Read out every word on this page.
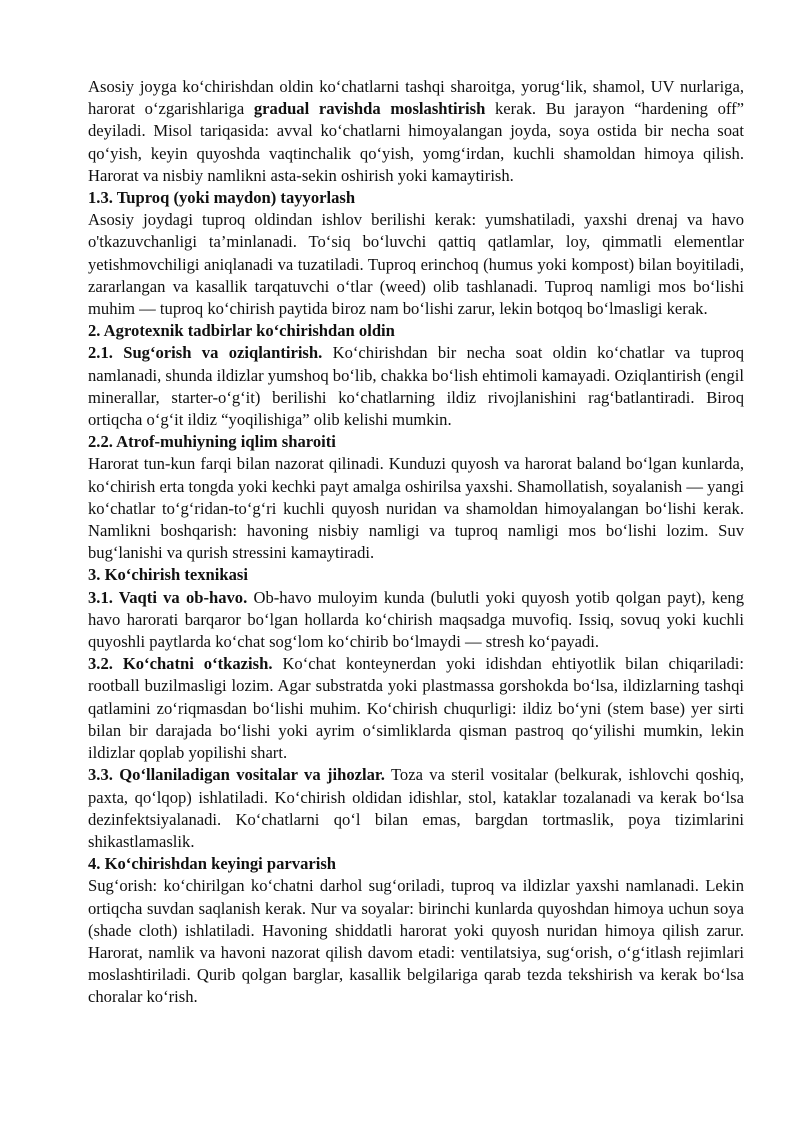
Asosiy joyga ko‘chirishdan oldin ko‘chatlarni tashqi sharoitga, yorug‘lik, shamol, UV nurlariga, harorat o‘zgarishlariga gradual ravishda moslashtirish kerak. Bu jarayon “hardening off” deyiladi. Misol tariqasida: avval ko‘chatlarni himoyalangan joyda, soya ostida bir necha soat qo‘yish, keyin quyoshda vaqtinchalik qo‘yish, yomg‘irdan, kuchli shamoldan himoya qilish. Harorat va nisbiy namlikni asta-sekin oshirish yoki kamaytirish.

1.3. Tuproq (yoki maydon) tayyorlash

Asosiy joydagi tuproq oldindan ishlov berilishi kerak: yumshatiladi, yaxshi drenaj va havo o'tkazuvchanligi ta’minlanadi. To‘siq bo‘luvchi qattiq qatlamlar, loy, qimmatli elementlar yetishmovchiligi aniqlanadi va tuzatiladi. Tuproq erinchoq (humus yoki kompost) bilan boyitiladi, zararlangan va kasallik tarqatuvchi o‘tlar (weed) olib tashlanadi. Tuproq namligi mos bo‘lishi muhim — tuproq ko‘chirish paytida biroz nam bo‘lishi zarur, lekin botqoq bo‘lmasligi kerak.

2. Agrotexnik tadbirlar ko‘chirishdan oldin

2.1. Sug‘orish va oziqlantirish. Ko‘chirishdan bir necha soat oldin ko‘chatlar va tuproq namlanadi, shunda ildizlar yumshoq bo‘lib, chakka bo‘lish ehtimoli kamayadi. Oziqlantirish (engil minerallar, starter-o‘g‘it) berilishi ko‘chatlarning ildiz rivojlanishini rag‘batlantiradi. Biroq ortiqcha o‘g‘it ildiz “yoqilishiga” olib kelishi mumkin.

2.2. Atrof-muhiyning iqlim sharoiti

Harorat tun-kun farqi bilan nazorat qilinadi. Kunduzi quyosh va harorat baland bo‘lgan kunlarda, ko‘chirish erta tongda yoki kechki payt amalga oshirilsa yaxshi. Shamollatish, soyalanish — yangi ko‘chatlar to‘g‘ridan-to‘g‘ri kuchli quyosh nuridan va shamoldan himoyalangan bo‘lishi kerak. Namlikni boshqarish: havoning nisbiy namligi va tuproq namligi mos bo‘lishi lozim. Suv bug‘lanishi va qurish stressini kamaytiradi.

3. Ko‘chirish texnikasi

3.1. Vaqti va ob-havo. Ob-havo muloyim kunda (bulutli yoki quyosh yotib qolgan payt), keng havo harorati barqaror bo‘lgan hollarda ko‘chirish maqsadga muvofiq. Issiq, sovuq yoki kuchli quyoshli paytlarda ko‘chat sog‘lom ko‘chirib bo‘lmaydi — stresh ko‘payadi.

3.2. Ko‘chatni o‘tkazish. Ko‘chat konteynerdan yoki idishdan ehtiyotlik bilan chiqariladi: rootball buzilmasligi lozim. Agar substratda yoki plastmassa gorshokda bo‘lsa, ildizlarning tashqi qatlamini zo‘riqmasdan bo‘lishi muhim. Ko‘chirish chuqurligi: ildiz bo‘yni (stem base) yer sirti bilan bir darajada bo‘lishi yoki ayrim o‘simliklarda qisman pastroq qo‘yilishi mumkin, lekin ildizlar qoplab yopilishi shart.

3.3. Qo‘llaniladigan vositalar va jihozlar. Toza va steril vositalar (belkurak, ishlovchi qoshiq, paxta, qo‘lqop) ishlatiladi. Ko‘chirish oldidan idishlar, stol, kataklar tozalanadi va kerak bo‘lsa dezinfektsiyalanadi. Ko‘chatlarni qo‘l bilan emas, bargdan tortmaslik, poya tizimlarini shikastlamaslik.

4. Ko‘chirishdan keyingi parvarish

Sug‘orish: ko‘chirilgan ko‘chatni darhol sug‘oriladi, tuproq va ildizlar yaxshi namlanadi. Lekin ortiqcha suvdan saqlanish kerak. Nur va soyalar: birinchi kunlarda quyoshdan himoya uchun soya (shade cloth) ishlatiladi. Havoning shiddatli harorat yoki quyosh nuridan himoya qilish zarur. Harorat, namlik va havoni nazorat qilish davom etadi: ventilatsiya, sug‘orish, o‘g‘itlash rejimlari moslashtiriladi. Qurib qolgan barglar, kasallik belgilariga qarab tezda tekshirish va kerak bo‘lsa choralar ko‘rish.
